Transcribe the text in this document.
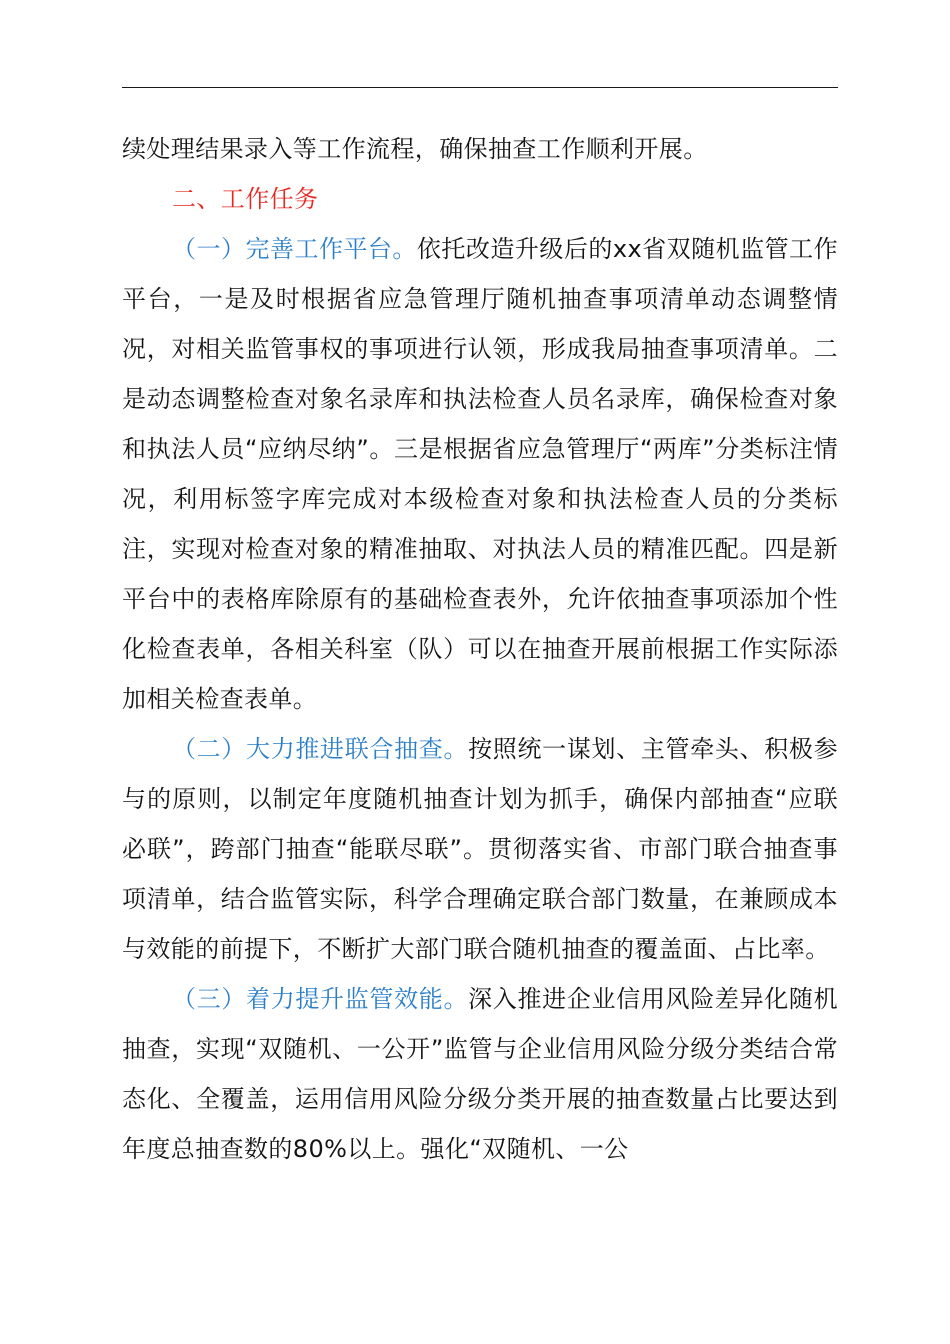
续处理结果录入等工作流程，确保抽查工作顺利开展。

二、工作任务

（一）完善工作平台。依托改造升级后的xx省双随机监管工作平台，一是及时根据省应急管理厅随机抽查事项清单动态调整情况，对相关监管事权的事项进行认领，形成我局抽查事项清单。二是动态调整检查对象名录库和执法检查人员名录库，确保检查对象和执法人员“应纳尽纳”。三是根据省应急管理厅“两库”分类标注情况，利用标签字库完成对本级检查对象和执法检查人员的分类标注，实现对检查对象的精准抽取、对执法人员的精准匹配。四是新平台中的表格库除原有的基础检查表外，允许依抽查事项添加个性化检查表单，各相关科室（队）可以在抽查开展前根据工作实际添加相关检查表单。

（二）大力推进联合抽查。按照统一谋划、主管牵头、积极参与的原则，以制定年度随机抽查计划为抓手，确保内部抽查“应联必联”，跨部门抽查“能联尽联”。贯彻落实省、市部门联合抽查事项清单，结合监管实际，科学合理确定联合部门数量，在兼顾成本与效能的前提下，不断扩大部门联合随机抽查的覆盖面、占比率。

（三）着力提升监管效能。深入推进企业信用风险差异化随机抽查，实现“双随机、一公开”监管与企业信用风险分级分类结合常态化、全覆盖，运用信用风险分级分类开展的抽查数量占比要达到年度总抽查数的80%以上。强化“双随机、一公
